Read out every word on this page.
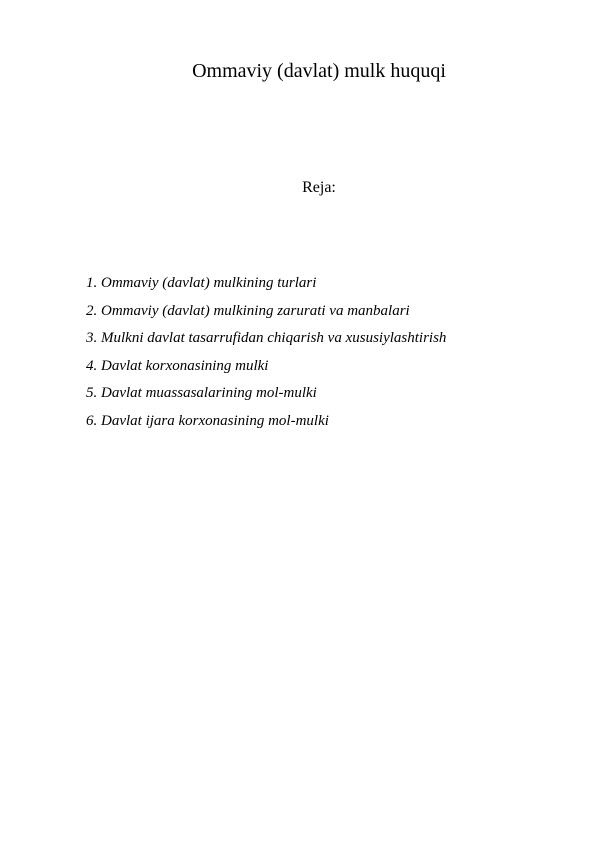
Ommaviy (davlat) mulk huquqi
Reja:
1. Ommaviy (davlat) mulkining turlari
2. Ommaviy (davlat) mulkining zarurati va manbalari
3. Mulkni davlat tasarrufidan chiqarish va xususiylashtirish
4. Davlat korxonasining mulki
5. Davlat muassasalarining mol-mulki
6. Davlat ijara korxonasining mol-mulki
